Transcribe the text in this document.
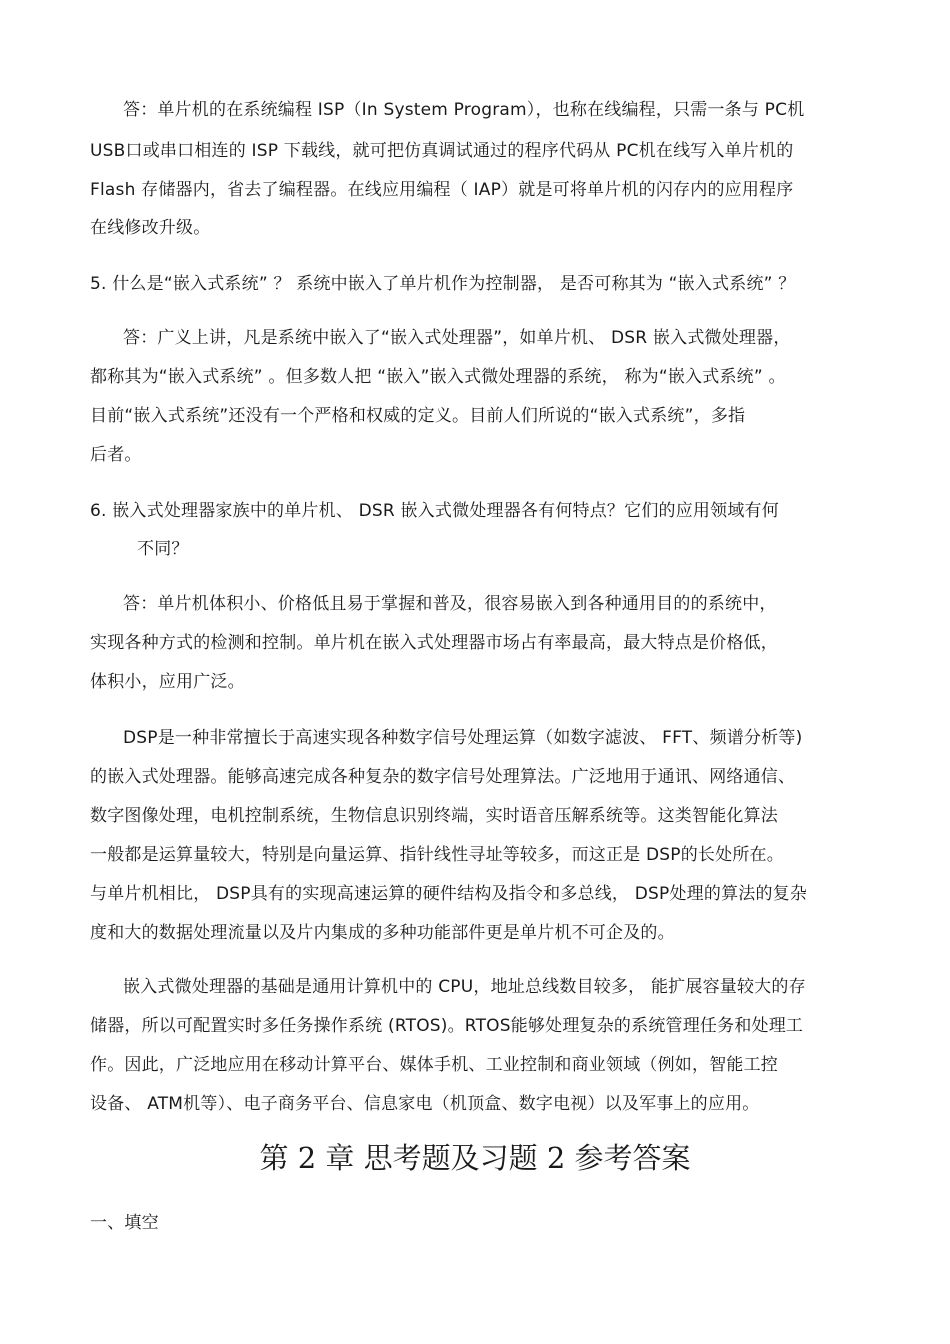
答：单片机的在系统编程 ISP（In System Program），也称在线编程，只需一条与 PC机
USB口或串口相连的 ISP 下载线，就可把仿真调试通过的程序代码从 PC机在线写入单片机的
Flash 存储器内，省去了编程器。在线应用编程（ IAP）就是可将单片机的闪存内的应用程序
在线修改升级。
5. 什么是“嵌入式系统” ？ 系统中嵌入了单片机作为控制器， 是否可称其为 “嵌入式系统” ？
答：广义上讲，凡是系统中嵌入了“嵌入式处理器”，如单片机、 DSR 嵌入式微处理器，
都称其为“嵌入式系统” 。但多数人把 “嵌入”嵌入式微处理器的系统， 称为“嵌入式系统” 。
目前“嵌入式系统”还没有一个严格和权威的定义。目前人们所说的“嵌入式系统”，多指
后者。
6. 嵌入式处理器家族中的单片机、 DSR 嵌入式微处理器各有何特点？它们的应用领域有何
不同？
答：单片机体积小、价格低且易于掌握和普及，很容易嵌入到各种通用目的的系统中，
实现各种方式的检测和控制。单片机在嵌入式处理器市场占有率最高，最大特点是价格低，
体积小，应用广泛。
DSP是一种非常擅长于高速实现各种数字信号处理运算（如数字滤波、 FFT、频谱分析等)
的嵌入式处理器。能够高速完成各种复杂的数字信号处理算法。广泛地用于通讯、网络通信、
数字图像处理，电机控制系统，生物信息识别终端，实时语音压解系统等。这类智能化算法
一般都是运算量较大，特别是向量运算、指针线性寻址等较多，而这正是 DSP的长处所在。
与单片机相比， DSP具有的实现高速运算的硬件结构及指令和多总线， DSP处理的算法的复杂
度和大的数据处理流量以及片内集成的多种功能部件更是单片机不可企及的。
嵌入式微处理器的基础是通用计算机中的 CPU，地址总线数目较多， 能扩展容量较大的存
储器，所以可配置实时多任务操作系统 (RTOS)。RTOS能够处理复杂的系统管理任务和处理工
作。因此，广泛地应用在移动计算平台、媒体手机、工业控制和商业领域（例如，智能工控
设备、 ATM机等）、电子商务平台、信息家电（机顶盒、数字电视）以及军事上的应用。
第 2 章 思考题及习题 2 参考答案
一、填空
